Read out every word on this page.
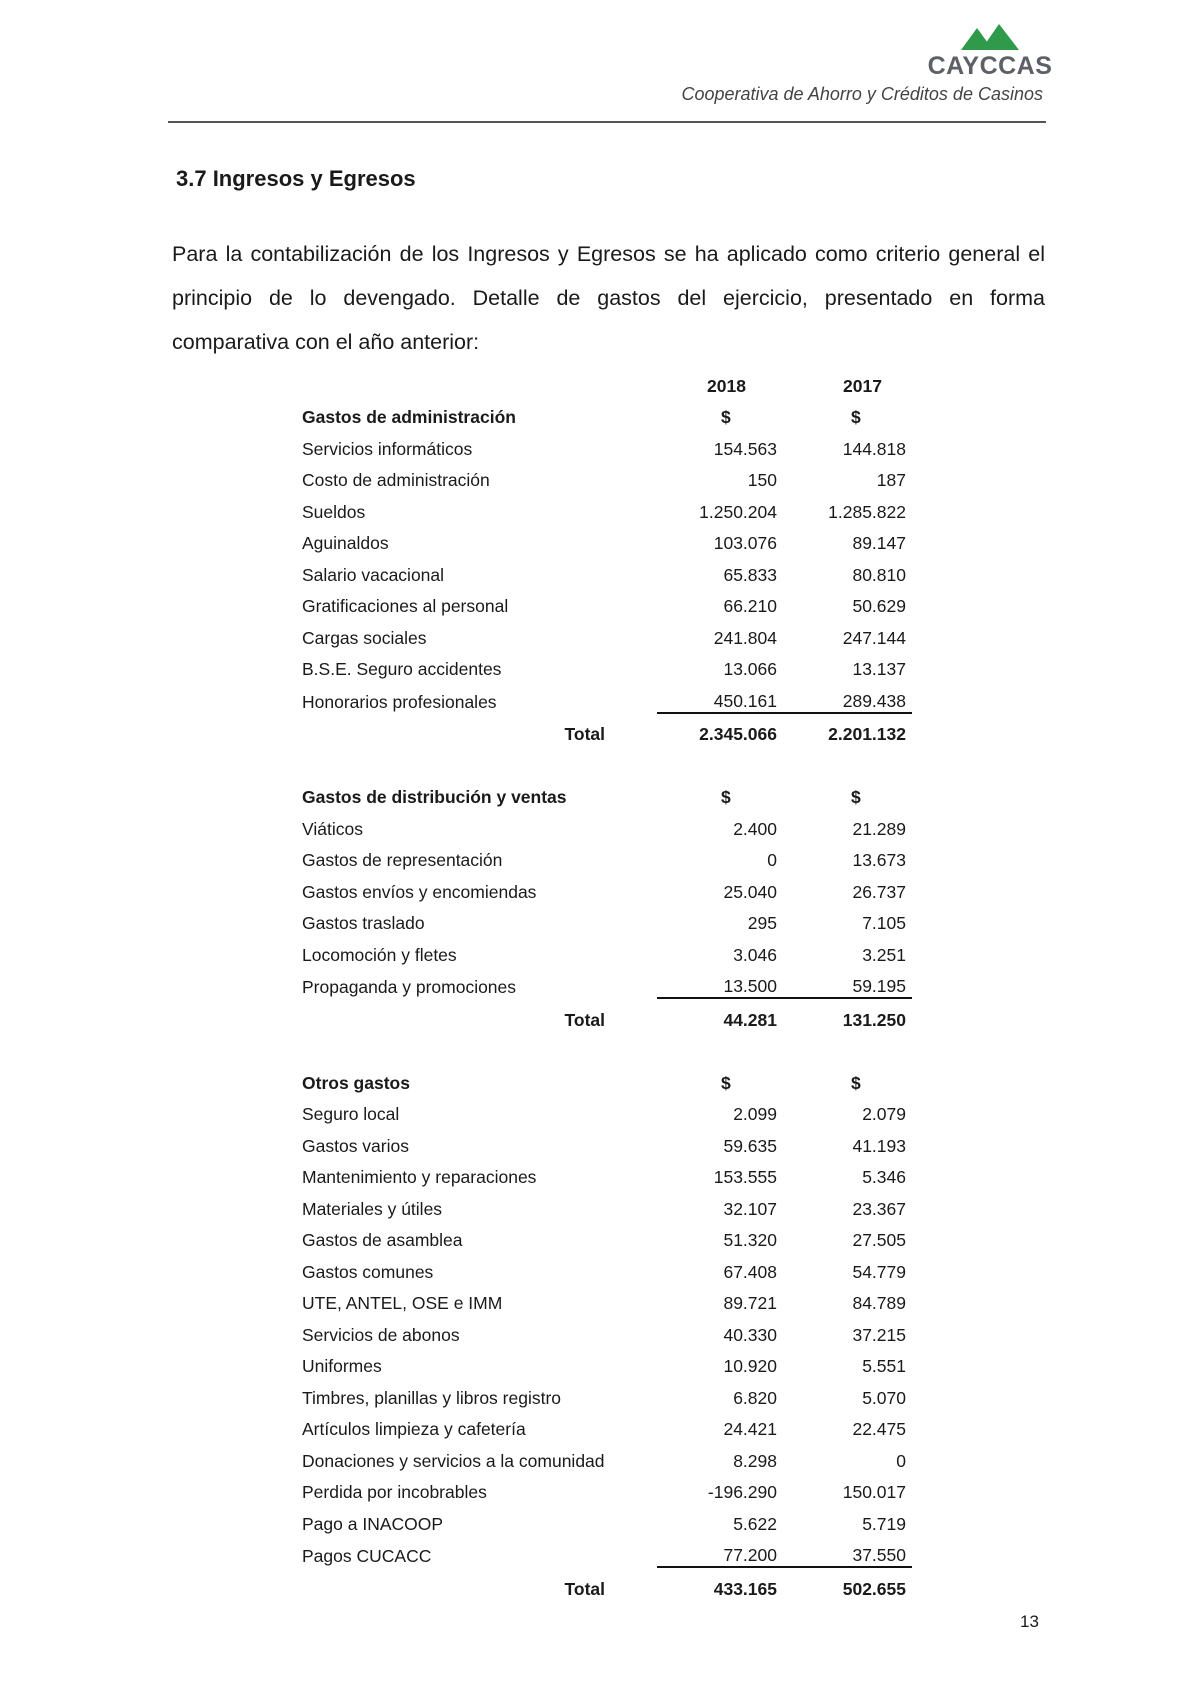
CAYCCAS
Cooperativa de Ahorro y Créditos de Casinos
3.7 Ingresos y Egresos

Para la contabilización de los Ingresos y Egresos se ha aplicado como criterio general el principio de lo devengado. Detalle de gastos del ejercicio, presentado en forma comparativa con el año anterior:

	2018	2017
Gastos de administración	$	$
Servicios informáticos	154.563	144.818
Costo de administración	150	187
Sueldos	1.250.204	1.285.822
Aguinaldos	103.076	89.147
Salario vacacional	65.833	80.810
Gratificaciones al personal	66.210	50.629
Cargas sociales	241.804	247.144
B.S.E. Seguro accidentes	13.066	13.137
Honorarios profesionales	450.161	289.438
Total	2.345.066	2.201.132

Gastos de distribución y ventas	$	$
Viáticos	2.400	21.289
Gastos de representación	0	13.673
Gastos envíos y encomiendas	25.040	26.737
Gastos traslado	295	7.105
Locomoción y fletes	3.046	3.251
Propaganda y promociones	13.500	59.195
Total	44.281	131.250

Otros gastos	$	$
Seguro local	2.099	2.079
Gastos varios	59.635	41.193
Mantenimiento y reparaciones	153.555	5.346
Materiales y útiles	32.107	23.367
Gastos de asamblea	51.320	27.505
Gastos comunes	67.408	54.779
UTE, ANTEL, OSE e IMM	89.721	84.789
Servicios de abonos	40.330	37.215
Uniformes	10.920	5.551
Timbres, planillas y libros registro	6.820	5.070
Artículos limpieza y cafetería	24.421	22.475
Donaciones y servicios a la comunidad	8.298	0
Perdida por incobrables	-196.290	150.017
Pago a INACOOP	5.622	5.719
Pagos CUCACC	77.200	37.550
Total	433.165	502.655
13
